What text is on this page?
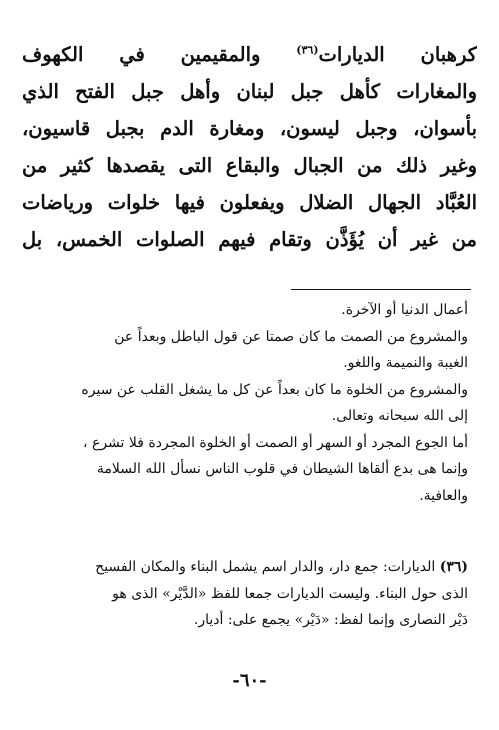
كرهبان الديارات$^{(٣٦)}$ والمقيمين في الكهوف
والمغارات كأهل جبل لبنان وأهل جبل الفتح الذي
بأسوان، وجبل ليسون، ومغارة الدم بجبل قاسيون،
وغير ذلك من الجبال والبقاع التى يقصدها كثير من
العُبَّاد الجهال الضلال ويفعلون فيها خلوات ورياضات
من غير أن يُؤَذَّن وتقام فيهم الصلوات الخمس، بل
أعمال الدنيا أو الآخرة.
والمشروع من الصمت ما كان صمتا عن قول الباطل وبعداً عن
الغيبة والنميمة واللغو.
والمشروع من الخلوة ما كان بعداً عن كل ما يشغل القلب عن سيره
إلى الله سبحانه وتعالى.
أما الجوع المجرد أو السهر أو الصمت أو الخلوة المجردة فلا تشرع ،
وإنما هى بدع ألقاها الشيطان في قلوب الناس نسأل الله السلامة
والعافية.
(٣٦) الديارات: جمع دار، والدار اسم يشمل البناء والمكان الفسيح
الذى حول البناء. وليست الديارات جمعا للفظ «الدَّيْر» الذى هو
دَيْر النصارى وإنما لفظ: «دَيْر» يجمع على: أديار.
-٦٠-
